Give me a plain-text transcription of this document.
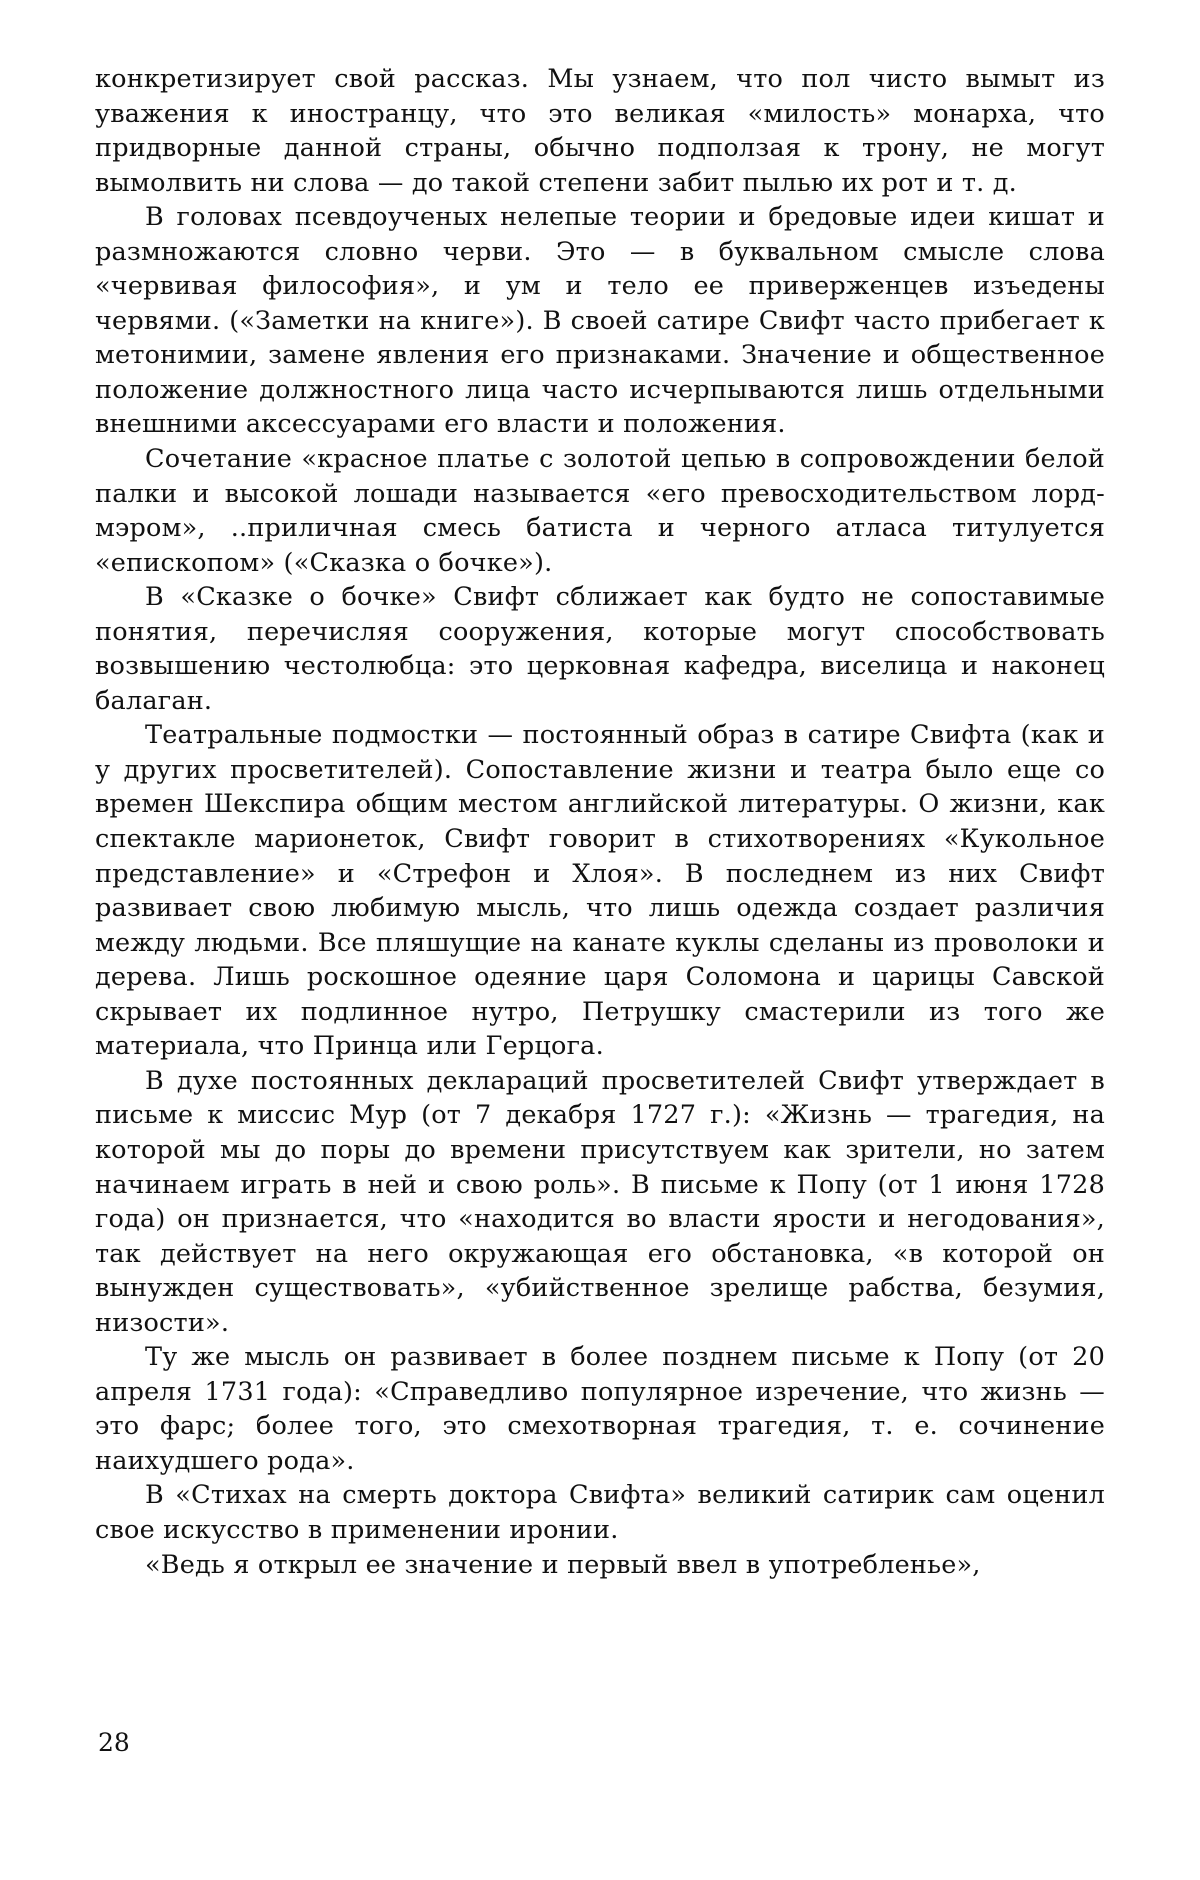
конкретизирует свой рассказ. Мы узнаем, что пол чисто вымыт из уважения к иностранцу, что это великая «милость» монарха, что придворные данной страны, обычно подползая к трону, не могут вымолвить ни слова — до такой степени забит пылью их рот и т. д.

В головах псевдоученых нелепые теории и бредовые идеи кишат и размножаются словно черви. Это — в буквальном смысле слова «червивая философия», и ум и тело ее приверженцев изъедены червями. («Заметки на книге»). В своей сатире Свифт часто прибегает к метонимии, замене явления его признаками. Значение и общественное положение должностного лица часто исчерпываются лишь отдельными внешними аксессуарами его власти и положения.

Сочетание «красное платье с золотой цепью в сопровождении белой палки и высокой лошади называется «его превосходительством лорд-мэром», ..приличная смесь батиста и черного атласа титулуется «епископом» («Сказка о бочке»).

В «Сказке о бочке» Свифт сближает как будто не сопоставимые понятия, перечисляя сооружения, которые могут способствовать возвышению честолюбца: это церковная кафедра, виселица и наконец балаган.

Театральные подмостки — постоянный образ в сатире Свифта (как и у других просветителей). Сопоставление жизни и театра было еще со времен Шекспира общим местом английской литературы. О жизни, как спектакле марионеток, Свифт говорит в стихотворениях «Кукольное представление» и «Стрефон и Хлоя». В последнем из них Свифт развивает свою любимую мысль, что лишь одежда создает различия между людьми. Все пляшущие на канате куклы сделаны из проволоки и дерева. Лишь роскошное одеяние царя Соломона и царицы Савской скрывает их подлинное нутро, Петрушку смастерили из того же материала, что Принца или Герцога.

В духе постоянных деклараций просветителей Свифт утверждает в письме к миссис Мур (от 7 декабря 1727 г.): «Жизнь — трагедия, на которой мы до поры до времени присутствуем как зрители, но затем начинаем играть в ней и свою роль». В письме к Попу (от 1 июня 1728 года) он признается, что «находится во власти ярости и негодования», так действует на него окружающая его обстановка, «в которой он вынужден существовать», «убийственное зрелище рабства, безумия, низости».

Ту же мысль он развивает в более позднем письме к Попу (от 20 апреля 1731 года): «Справедливо популярное изречение, что жизнь — это фарс; более того, это смехотворная трагедия, т. е. сочинение наихудшего рода».

В «Стихах на смерть доктора Свифта» великий сатирик сам оценил свое искусство в применении иронии.

«Ведь я открыл ее значение и первый ввел в употребленье»,

28
